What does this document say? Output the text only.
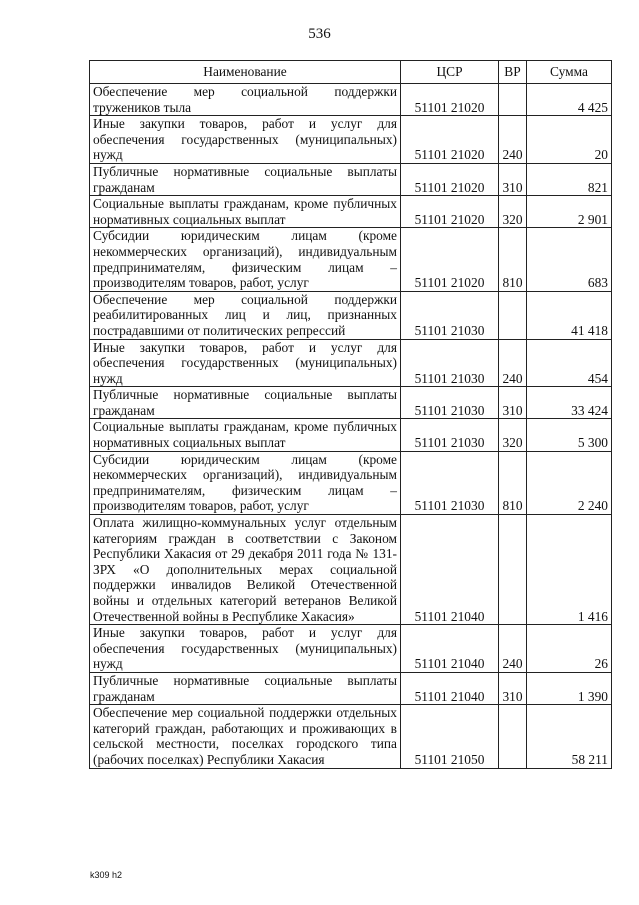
536
Наименование	ЦСР	ВР	Сумма
Обеспечение мер социальной поддержки тружеников тыла	51101 21020		4 425
Иные закупки товаров, работ и услуг для обеспечения государственных (муниципальных) нужд	51101 21020	240	20
Публичные нормативные социальные выплаты гражданам	51101 21020	310	821
Социальные выплаты гражданам, кроме публичных нормативных социальных выплат	51101 21020	320	2 901
Субсидии юридическим лицам (кроме некоммерческих организаций), индивидуальным предпринимателям, физическим лицам – производителям товаров, работ, услуг	51101 21020	810	683
Обеспечение мер социальной поддержки реабилитированных лиц и лиц, признанных пострадавшими от политических репрессий	51101 21030		41 418
Иные закупки товаров, работ и услуг для обеспечения государственных (муниципальных) нужд	51101 21030	240	454
Публичные нормативные социальные выплаты гражданам	51101 21030	310	33 424
Социальные выплаты гражданам, кроме публичных нормативных социальных выплат	51101 21030	320	5 300
Субсидии юридическим лицам (кроме некоммерческих организаций), индивидуальным предпринимателям, физическим лицам – производителям товаров, работ, услуг	51101 21030	810	2 240
Оплата жилищно-коммунальных услуг отдельным категориям граждан в соответствии с Законом Республики Хакасия от 29 декабря 2011 года № 131-ЗРХ «О дополнительных мерах социальной поддержки инвалидов Великой Отечественной войны и отдельных категорий ветеранов Великой Отечественной войны в Республике Хакасия»	51101 21040		1 416
Иные закупки товаров, работ и услуг для обеспечения государственных (муниципальных) нужд	51101 21040	240	26
Публичные нормативные социальные выплаты гражданам	51101 21040	310	1 390
Обеспечение мер социальной поддержки отдельных категорий граждан, работающих и проживающих в сельской местности, поселках городского типа (рабочих поселках) Республики Хакасия	51101 21050		58 211
k309 h2
